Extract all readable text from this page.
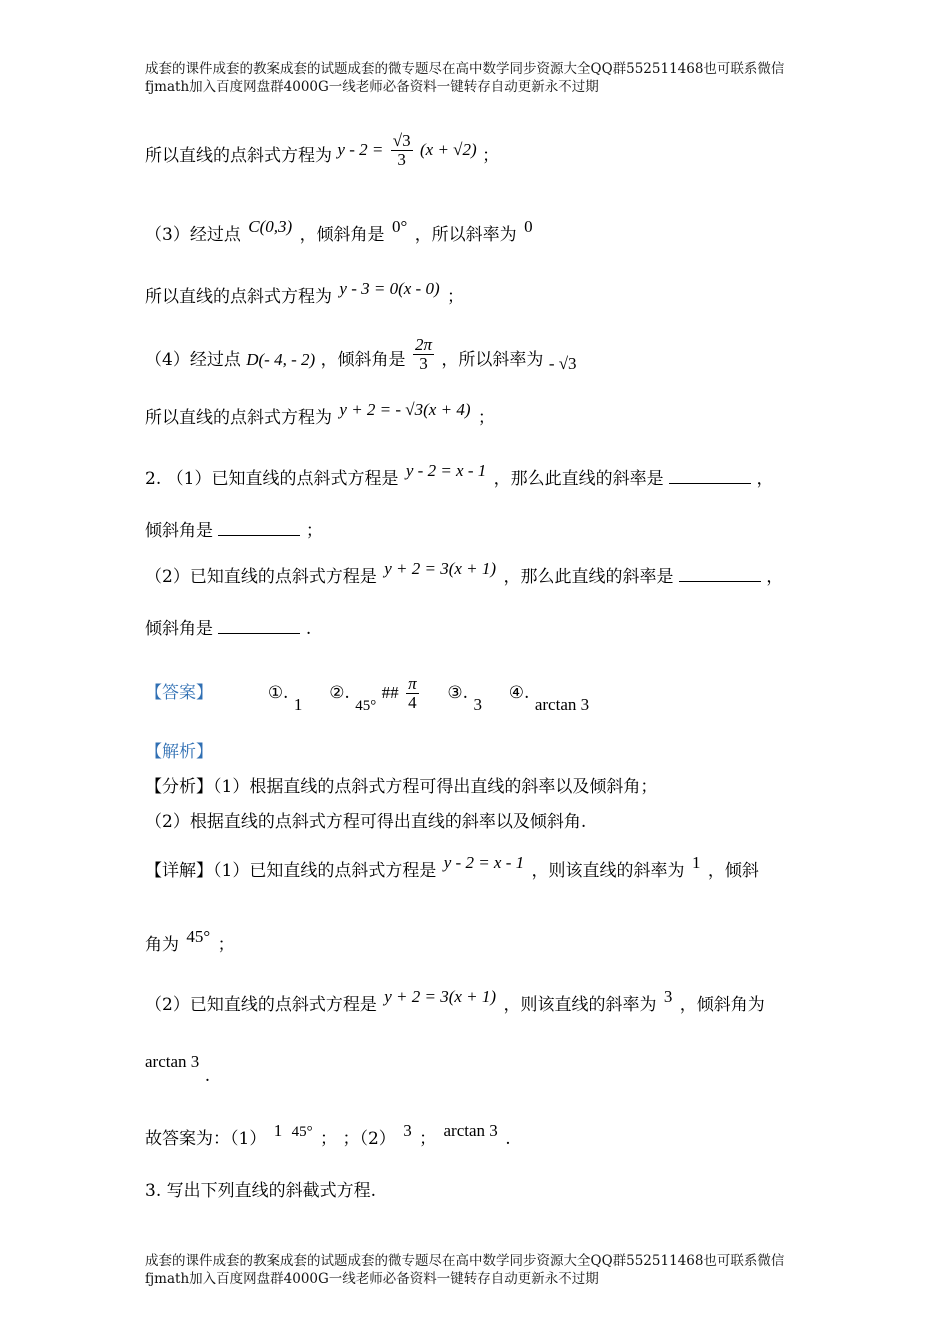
成套的课件成套的教案成套的试题成套的微专题尽在高中数学同步资源大全QQ群552511468也可联系微信fjmath加入百度网盘群4000G一线老师必备资料一键转存自动更新永不过期
所以直线的点斜式方程为 $y - 2 = \frac{√3}{3} (x + √2)$ ；
（3）经过点 C(0,3) ，倾斜角是 0° ，所以斜率为 0
所以直线的点斜式方程为 y - 3 = 0(x - 0) ；
（4）经过点 D(- 4, - 2) ，倾斜角是 $\frac{2\pi}{3}$ ，所以斜率为 - √3
所以直线的点斜式方程为 y + 2 = - √3(x + 4) ；
2. （1）已知直线的点斜式方程是 y - 2 = x - 1 ，那么此直线的斜率是	，
倾斜角是	；
（2）已知直线的点斜式方程是 y + 2 = 3(x + 1) ，那么此直线的斜率是	，
倾斜角是	.
【答案】	①. 1  ②. 45° ## $\frac{\pi}{4}$ ③. 3  ④. arctan 3
【解析】
【分析】（1）根据直线的点斜式方程可得出直线的斜率以及倾斜角；
（2）根据直线的点斜式方程可得出直线的斜率以及倾斜角.
【详解】（1）已知直线的点斜式方程是 y - 2 = x - 1 ，则该直线的斜率为 1 ，倾斜
角为 45° ；
（2）已知直线的点斜式方程是 y + 2 = 3(x + 1) ，则该直线的斜率为 3 ，倾斜角为
arctan 3 .
故答案为：（1） 1 45° ； ；（2） 3 ； arctan 3 .
3. 写出下列直线的斜截式方程.
成套的课件成套的教案成套的试题成套的微专题尽在高中数学同步资源大全QQ群552511468也可联系微信fjmath加入百度网盘群4000G一线老师必备资料一键转存自动更新永不过期
